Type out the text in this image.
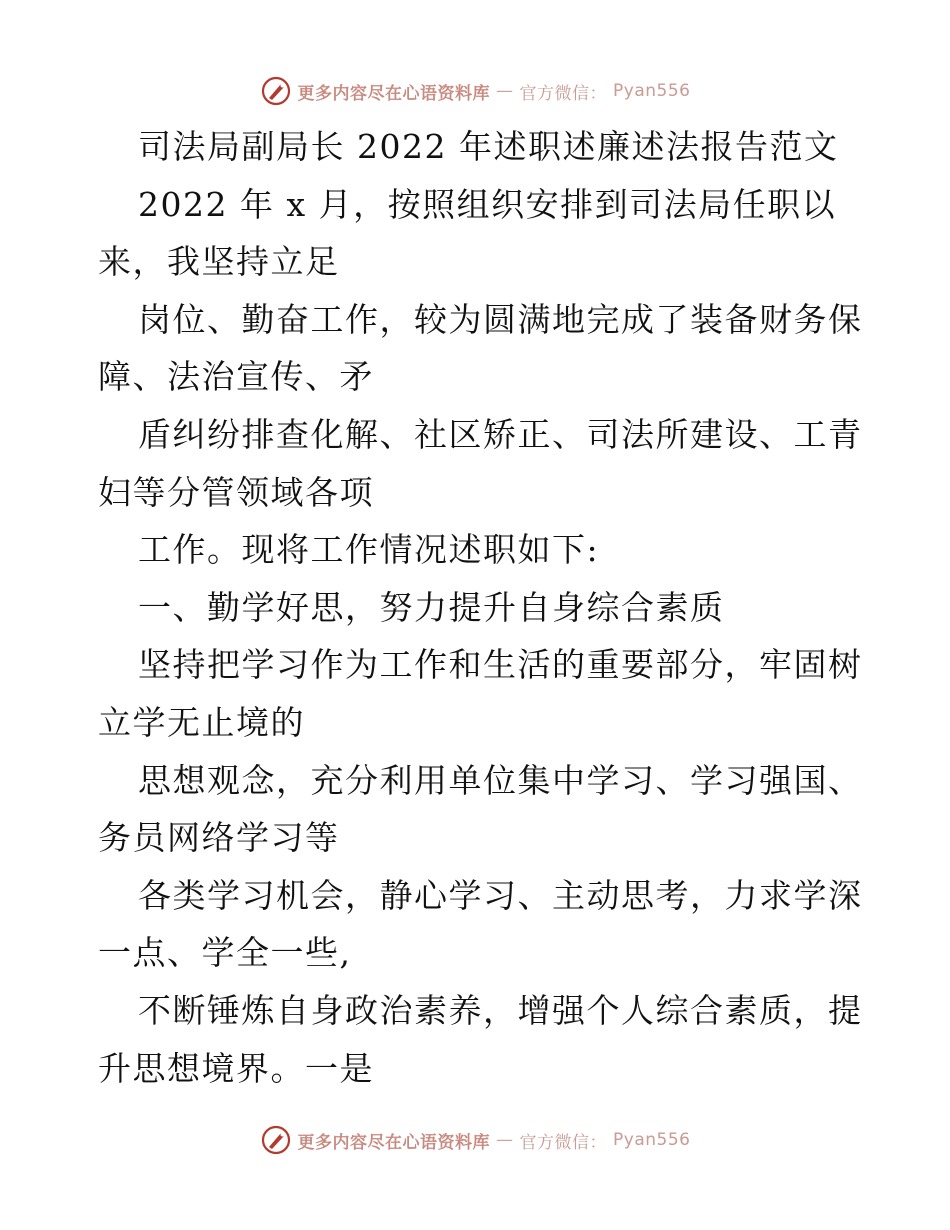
更多内容尽在心语资料库 — 官方微信： Pyan556
司法局副局长 2022 年述职述廉述法报告范文
2022 年 x 月，按照组织安排到司法局任职以
来，我坚持立足
岗位、勤奋工作，较为圆满地完成了装备财务保
障、法治宣传、矛
盾纠纷排查化解、社区矫正、司法所建设、工青
妇等分管领域各项
工作。现将工作情况述职如下:
一、勤学好思，努力提升自身综合素质
坚持把学习作为工作和生活的重要部分，牢固树
立学无止境的
思想观念，充分利用单位集中学习、学习强国、
务员网络学习等
各类学习机会，静心学习、主动思考，力求学深
一点、学全一些,
不断锤炼自身政治素养，增强个人综合素质，提
升思想境界。一是
更多内容尽在心语资料库 — 官方微信： Pyan556
